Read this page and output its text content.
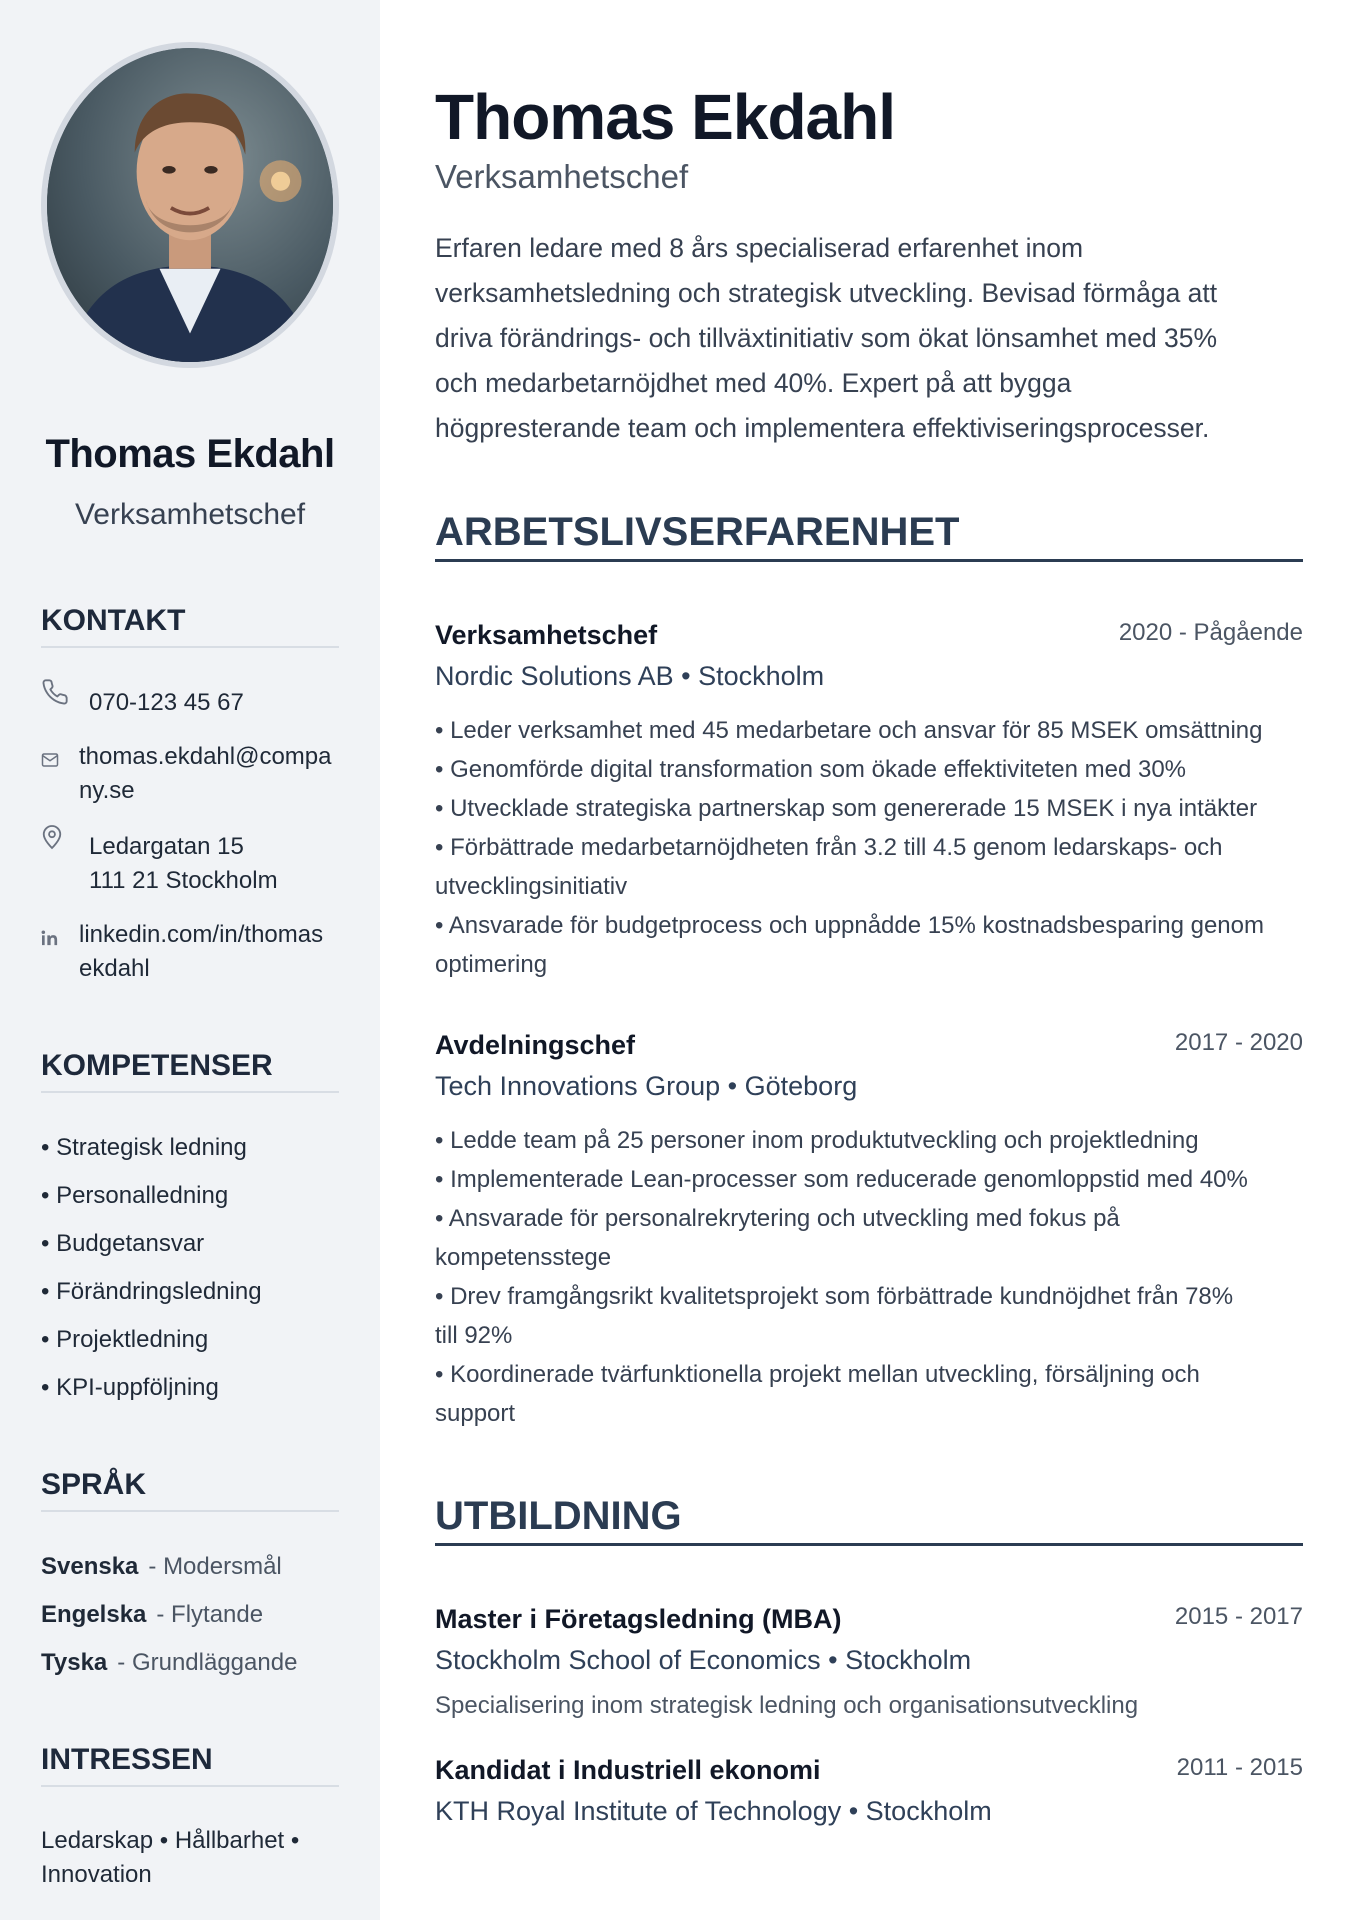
Thomas Ekdahl
Verksamhetschef
KONTAKT
070-123 45 67
thomas.ekdahl@compa
ny.se
Ledargatan 15
111 21 Stockholm
linkedin.com/in/thomas
ekdahl
KOMPETENSER
• Strategisk ledning
• Personalledning
• Budgetansvar
• Förändringsledning
• Projektledning
• KPI-uppföljning
SPRÅK
Svenska - Modersmål
Engelska - Flytande
Tyska - Grundläggande
INTRESSEN
Ledarskap • Hållbarhet •
Innovation
Thomas Ekdahl
Verksamhetschef
Erfaren ledare med 8 års specialiserad erfarenhet inom
verksamhetsledning och strategisk utveckling. Bevisad förmåga att
driva förändrings- och tillväxtinitiativ som ökat lönsamhet med 35%
och medarbetarnöjdhet med 40%. Expert på att bygga
högpresterande team och implementera effektiviseringsprocesser.
ARBETSLIVSERFARENHET
Verksamhetschef	2020 - Pågående
Nordic Solutions AB • Stockholm
• Leder verksamhet med 45 medarbetare och ansvar för 85 MSEK omsättning
• Genomförde digital transformation som ökade effektiviteten med 30%
• Utvecklade strategiska partnerskap som genererade 15 MSEK i nya intäkter
• Förbättrade medarbetarnöjdheten från 3.2 till 4.5 genom ledarskaps- och
utvecklingsinitiativ
• Ansvarade för budgetprocess och uppnådde 15% kostnadsbesparing genom
optimering
Avdelningschef	2017 - 2020
Tech Innovations Group • Göteborg
• Ledde team på 25 personer inom produktutveckling och projektledning
• Implementerade Lean-processer som reducerade genomloppstid med 40%
• Ansvarade för personalrekrytering och utveckling med fokus på
kompetensstege
• Drev framgångsrikt kvalitetsprojekt som förbättrade kundnöjdhet från 78%
till 92%
• Koordinerade tvärfunktionella projekt mellan utveckling, försäljning och
support
UTBILDNING
Master i Företagsledning (MBA)	2015 - 2017
Stockholm School of Economics • Stockholm
Specialisering inom strategisk ledning och organisationsutveckling
Kandidat i Industriell ekonomi	2011 - 2015
KTH Royal Institute of Technology • Stockholm
